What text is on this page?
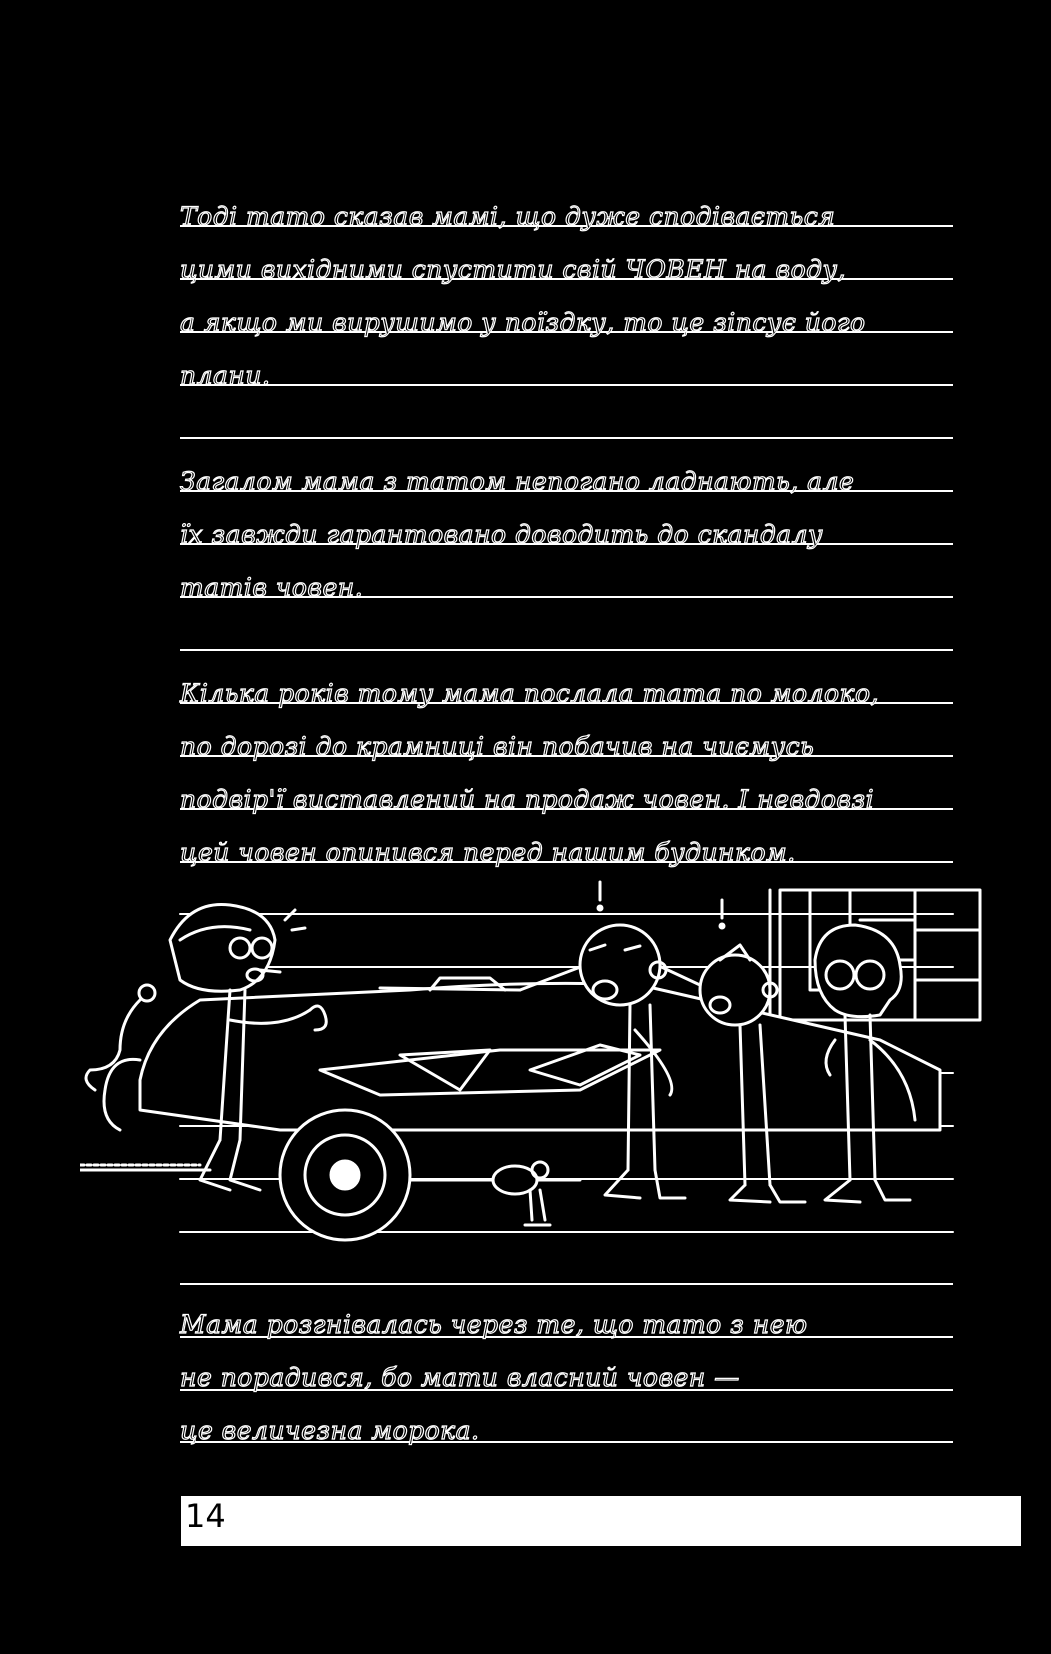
Тоді тато сказав мамі, що дуже сподівається
цими вихідними спустити свій ЧОВЕН на воду,
а якщо ми вирушимо у поїздку, то це зіпсує його
плани.
Загалом мама з татом непогано ладнають, але
їх завжди гарантовано доводить до скандалу
татів човен.
Кілька років тому мама послала тата по молоко,
по дорозі до крамниці він побачив на чиємусь
подвір'ї виставлений на продаж човен. І невдовзі
цей човен опинився перед нашим будинком.
Мама розгнівалась через те, що тато з нею
не порадився, бо мати власний човен —
це величезна морока.
14
